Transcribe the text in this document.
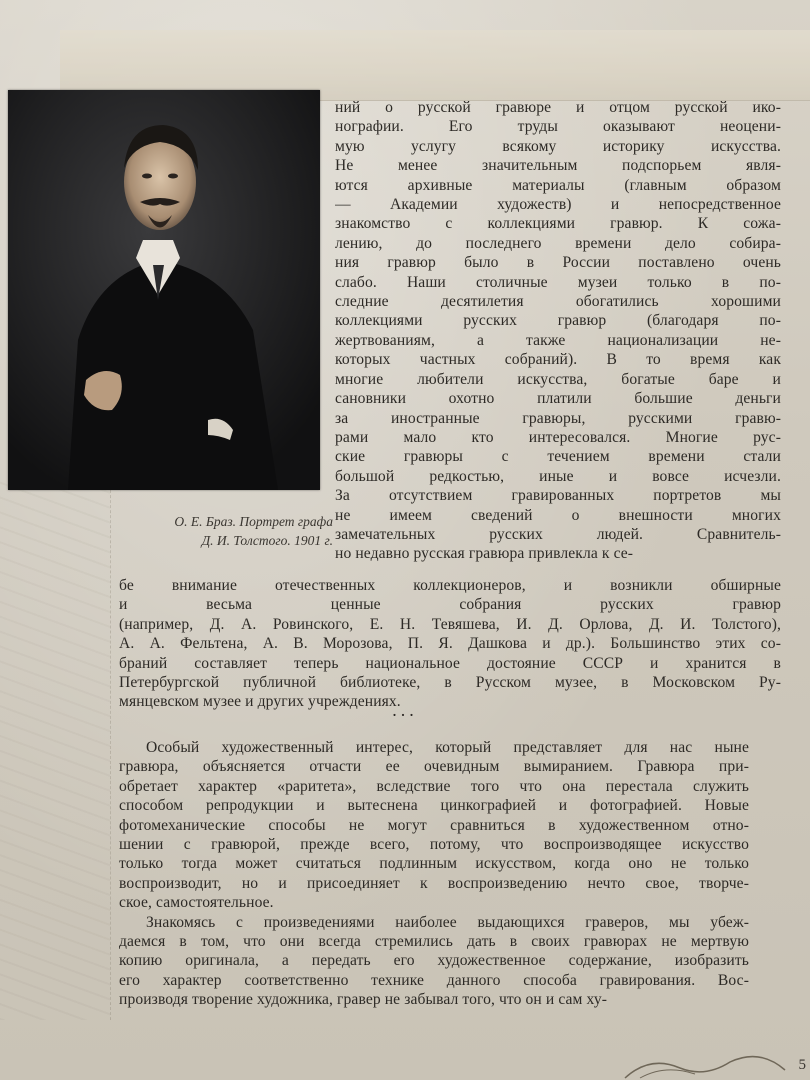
О. Е. Браз. Портрет графа
Д. И. Толстого. 1901 г.
ний о русской гравюре и отцом русской ико-
нографии. Его труды оказывают неоцени-
мую услугу всякому историку искусства.
Не менее значительным подспорьем явля-
ются архивные материалы (главным образом
— Академии художеств) и непосредственное
знакомство с коллекциями гравюр. К сожа-
лению, до последнего времени дело собира-
ния гравюр было в России поставлено очень
слабо. Наши столичные музеи только в по-
следние десятилетия обогатились хорошими
коллекциями русских гравюр (благодаря по-
жертвованиям, а также национализации не-
которых частных собраний). В то время как
многие любители искусства, богатые баре и
сановники охотно платили большие деньги
за иностранные гравюры, русскими гравю-
рами мало кто интересовался. Многие рус-
ские гравюры с течением времени стали
большой редкостью, иные и вовсе исчезли.
За отсутствием гравированных портретов мы
не имеем сведений о внешности многих
замечательных русских людей. Сравнитель-
но недавно русская гравюра привлекла к се-
бе внимание отечественных коллекционеров, и возникли обширные
и весьма ценные собрания русских гравюр
(например, Д. А. Ровинского, Е. Н. Тевяшева, И. Д. Орлова, Д. И. Толстого),
А. А. Фельтена, А. В. Морозова, П. Я. Дашкова и др.). Большинство этих со-
браний составляет теперь национальное достояние СССР и хранится в
Петербургской публичной библиотеке, в Русском музее, в Московском Ру-
мянцевском музее и других учреждениях.
...
Особый художественный интерес, который представляет для нас ныне
гравюра, объясняется отчасти ее очевидным вымиранием. Гравюра при-
обретает характер «раритета», вследствие того что она перестала служить
способом репродукции и вытеснена цинкографией и фотографией. Новые
фотомеханические способы не могут сравниться в художественном отно-
шении с гравюрой, прежде всего, потому, что воспроизводящее искусство
только тогда может считаться подлинным искусством, когда оно не только
воспроизводит, но и присоединяет к воспроизведению нечто свое, творче-
ское, самостоятельное.
Знакомясь с произведениями наиболее выдающихся граверов, мы убеж-
даемся в том, что они всегда стремились дать в своих гравюрах не мертвую
копию оригинала, а передать его художественное содержание, изобразить
его характер соответственно технике данного способа гравирования. Вос-
производя творение художника, гравер не забывал того, что он и сам ху-
5
